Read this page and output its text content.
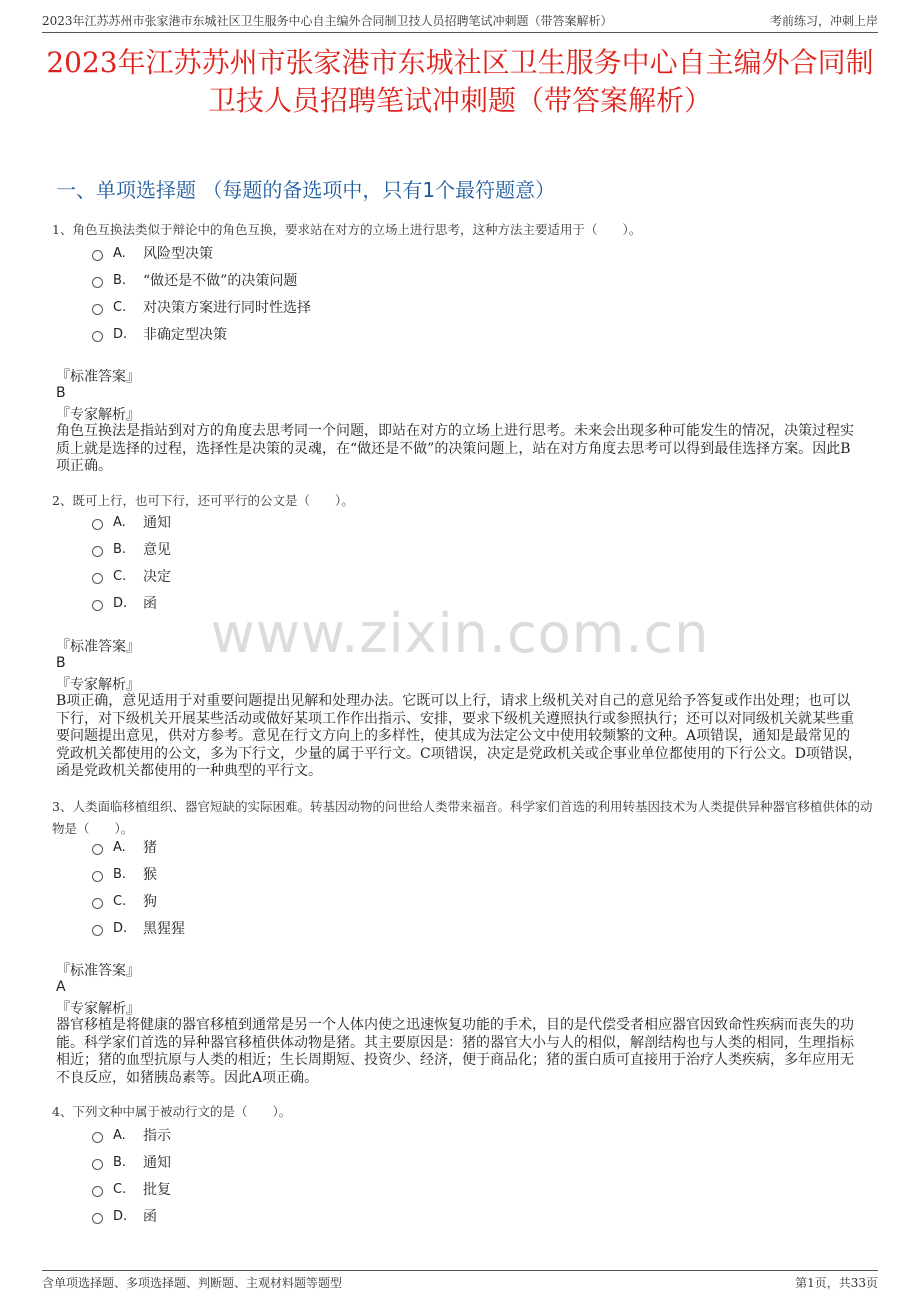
2023年江苏苏州市张家港市东城社区卫生服务中心自主编外合同制卫技人员招聘笔试冲刺题（带答案解析）	考前练习，冲刺上岸
2023年江苏苏州市张家港市东城社区卫生服务中心自主编外合同制卫技人员招聘笔试冲刺题（带答案解析）
一、单项选择题 （每题的备选项中，只有1个最符题意）
www.zixin.com.cn
1、角色互换法类似于辩论中的角色互换，要求站在对方的立场上进行思考，这种方法主要适用于（　　）。
A.	风险型决策
B.	“做还是不做”的决策问题
C.	对决策方案进行同时性选择
D.	非确定型决策
『标准答案』
B
『专家解析』
角色互换法是指站到对方的角度去思考同一个问题，即站在对方的立场上进行思考。未来会出现多种可能发生的情况，决策过程实质上就是选择的过程，选择性是决策的灵魂，在“做还是不做”的决策问题上，站在对方角度去思考可以得到最佳选择方案。因此B项正确。
2、既可上行，也可下行，还可平行的公文是（　　）。
A.	通知
B.	意见
C.	决定
D.	函
『标准答案』
B
『专家解析』
B项正确，意见适用于对重要问题提出见解和处理办法。它既可以上行，请求上级机关对自己的意见给予答复或作出处理；也可以下行，对下级机关开展某些活动或做好某项工作作出指示、安排，要求下级机关遵照执行或参照执行；还可以对同级机关就某些重要问题提出意见，供对方参考。意见在行文方向上的多样性，使其成为法定公文中使用较频繁的文种。A项错误，通知是最常见的党政机关都使用的公文，多为下行文，少量的属于平行文。C项错误，决定是党政机关或企事业单位都使用的下行公文。D项错误，函是党政机关都使用的一种典型的平行文。
3、人类面临移植组织、器官短缺的实际困难。转基因动物的问世给人类带来福音。科学家们首选的利用转基因技术为人类提供异种器官移植供体的动物是（　　）。
A.	猪
B.	猴
C.	狗
D.	黑猩猩
『标准答案』
A
『专家解析』
器官移植是将健康的器官移植到通常是另一个人体内使之迅速恢复功能的手术，目的是代偿受者相应器官因致命性疾病而丧失的功能。科学家们首选的异种器官移植供体动物是猪。其主要原因是：猪的器官大小与人的相似，解剖结构也与人类的相同，生理指标相近；猪的血型抗原与人类的相近；生长周期短、投资少、经济，便于商品化；猪的蛋白质可直接用于治疗人类疾病，多年应用无不良反应，如猪胰岛素等。因此A项正确。
4、下列文种中属于被动行文的是（　　）。
A.	指示
B.	通知
C.	批复
D.	函
含单项选择题、多项选择题、判断题、主观材料题等题型	第1页，共33页
